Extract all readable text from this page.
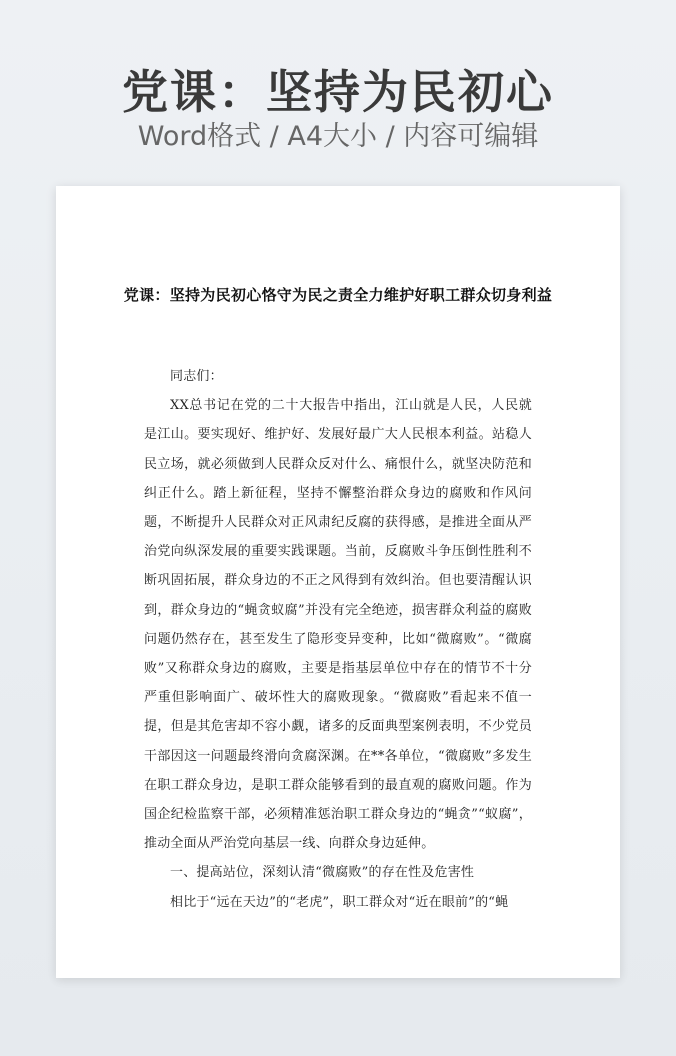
党课：坚持为民初心
Word格式 / A4大小 / 内容可编辑
党课：坚持为民初心恪守为民之责全力维护好职工群众切身利益

同志们：

XX总书记在党的二十大报告中指出，江山就是人民，人民就是江山。要实现好、维护好、发展好最广大人民根本利益。站稳人民立场，就必须做到人民群众反对什么、痛恨什么，就坚决防范和纠正什么。踏上新征程，坚持不懈整治群众身边的腐败和作风问题，不断提升人民群众对正风肃纪反腐的获得感，是推进全面从严治党向纵深发展的重要实践课题。当前，反腐败斗争压倒性胜利不断巩固拓展，群众身边的不正之风得到有效纠治。但也要清醒认识到，群众身边的“蝇贪蚁腐”并没有完全绝迹，损害群众利益的腐败问题仍然存在，甚至发生了隐形变异变种，比如“微腐败”。“微腐败”又称群众身边的腐败，主要是指基层单位中存在的情节不十分严重但影响面广、破坏性大的腐败现象。“微腐败”看起来不值一提，但是其危害却不容小觑，诸多的反面典型案例表明，不少党员干部因这一问题最终滑向贪腐深渊。在**各单位，“微腐败”多发生在职工群众身边，是职工群众能够看到的最直观的腐败问题。作为国企纪检监察干部，必须精准惩治职工群众身边的“蝇贪”“蚁腐”，推动全面从严治党向基层一线、向群众身边延伸。

一、提高站位，深刻认清“微腐败”的存在性及危害性

相比于“远在天边”的“老虎”，职工群众对“近在眼前”的“蝇
